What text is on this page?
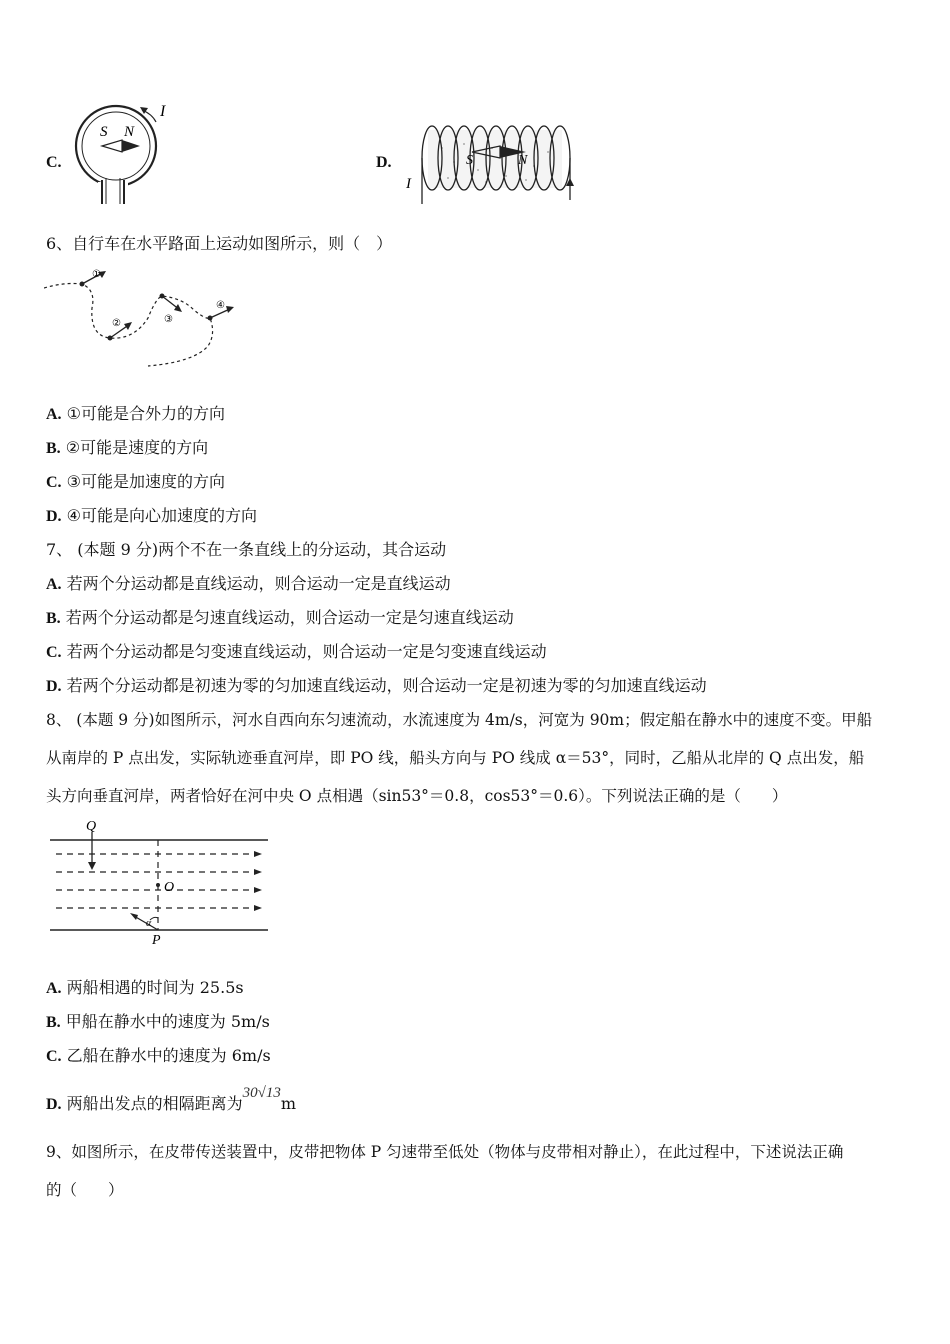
C.
S N
I
D.	S	N
I
6、自行车在水平路面上运动如图所示，则（　）
①
②	③
④
A. ①可能是合外力的方向
B. ②可能是速度的方向
C. ③可能是加速度的方向
D. ④可能是向心加速度的方向
7、 (本题 9 分)两个不在一条直线上的分运动，其合运动
A. 若两个分运动都是直线运动，则合运动一定是直线运动
B. 若两个分运动都是匀速直线运动，则合运动一定是匀速直线运动
C. 若两个分运动都是匀变速直线运动，则合运动一定是匀变速直线运动
D. 若两个分运动都是初速为零的匀加速直线运动，则合运动一定是初速为零的匀加速直线运动
8、 (本题 9 分)如图所示，河水自西向东匀速流动，水流速度为 4m/s，河宽为 90m；假定船在静水中的速度不变。甲船
从南岸的 P 点出发，实际轨迹垂直河岸，即 PO 线，船头方向与 PO 线成 α＝53°，同时，乙船从北岸的 Q 点出发，船
头方向垂直河岸，两者恰好在河中央 O 点相遇（sin53°＝0.8，cos53°＝0.6）。下列说法正确的是（　　）
Q
O
P
α
A. 两船相遇的时间为 25.5s
B. 甲船在静水中的速度为 5m/s
C. 乙船在静水中的速度为 6m/s
D. 两船出发点的相隔距离为30√13m
9、如图所示，在皮带传送装置中，皮带把物体 P 匀速带至低处（物体与皮带相对静止），在此过程中，下述说法正确
的（　　）
